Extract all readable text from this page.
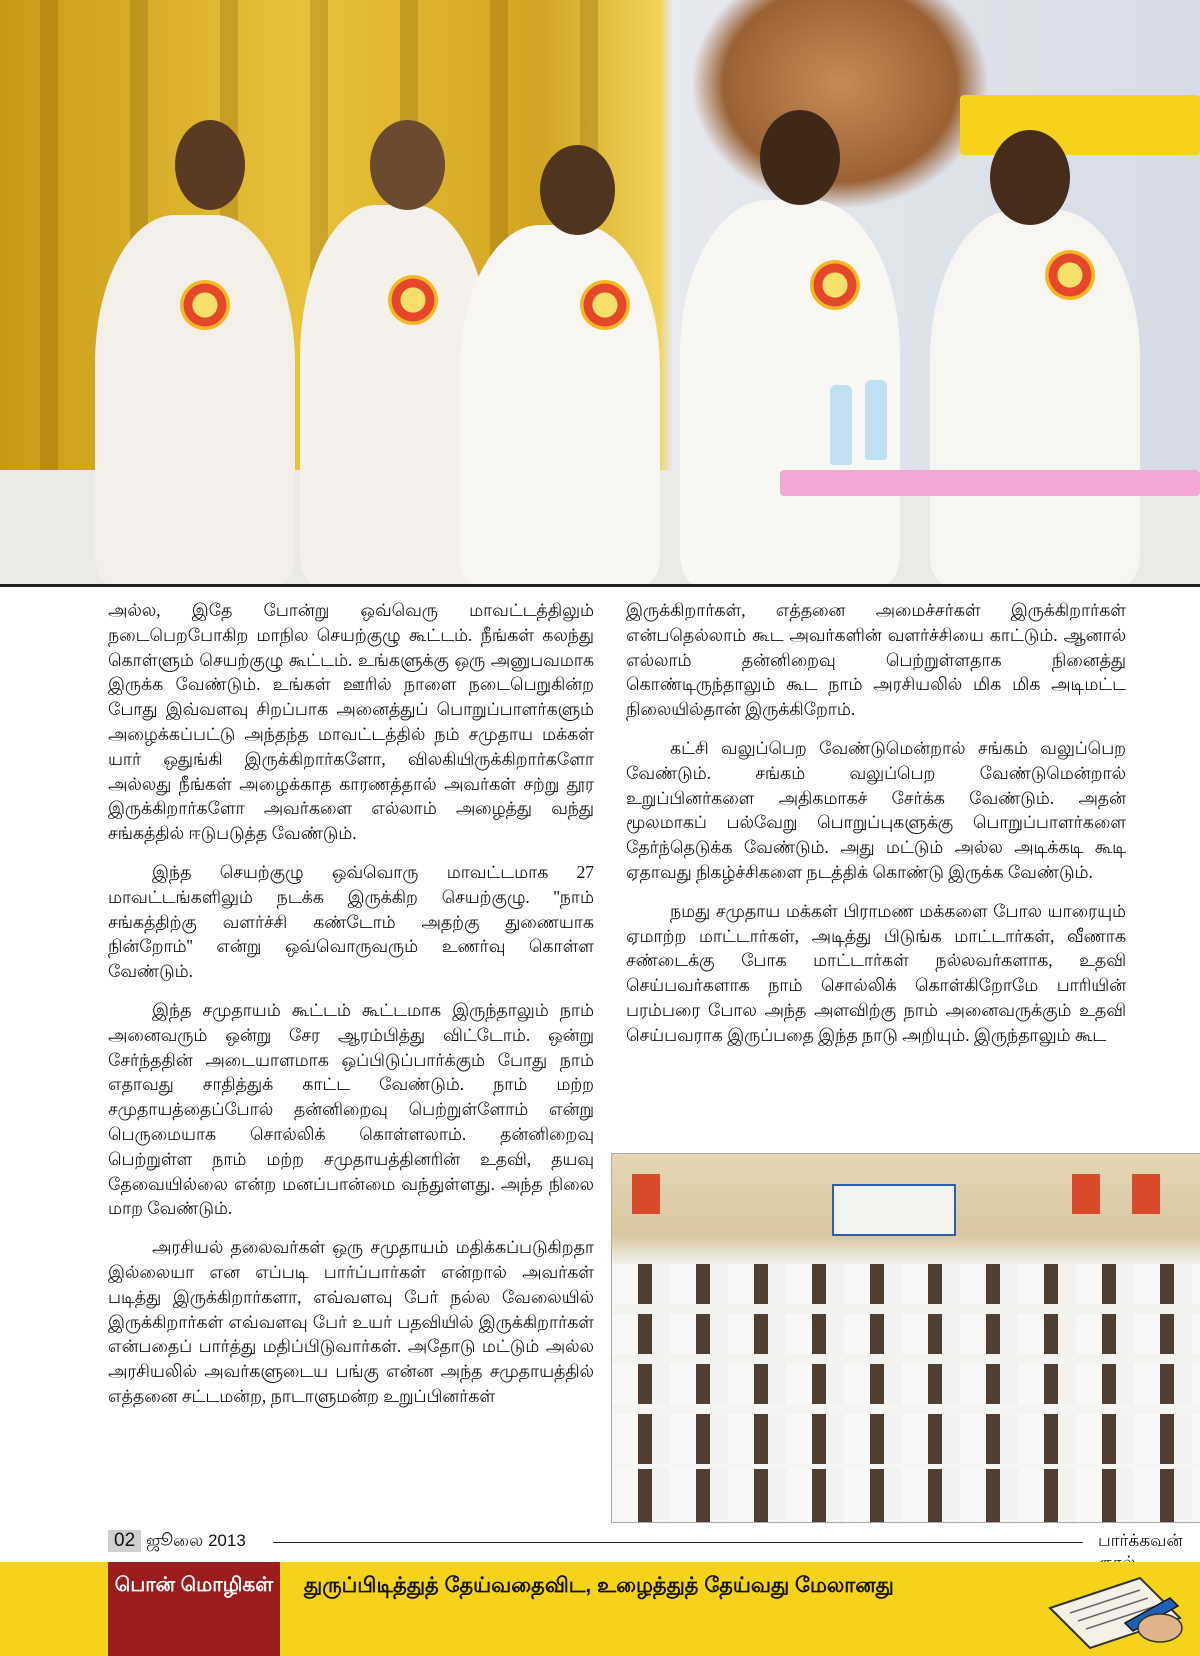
அல்ல, இதே போன்று ஒவ்வெரு மாவட்டத்திலும் நடைபெறபோகிற மாநில செயற்குழு கூட்டம். நீங்கள் கலந்து கொள்ளும் செயற்குழு கூட்டம். உங்களுக்கு ஒரு அனுபவமாக இருக்க வேண்டும். உங்கள் ஊரில் நாளை நடைபெறுகின்ற போது இவ்வளவு சிறப்பாக அனைத்துப் பொறுப்பாளர்களும் அழைக்கப்பட்டு அந்தந்த மாவட்டத்தில் நம் சமுதாய மக்கள் யார் ஒதுங்கி இருக்கிறார்களோ, விலகியிருக்கிறார்களோ அல்லது நீங்கள் அழைக்காத காரணத்தால் அவர்கள் சற்று தூர இருக்கிறார்களோ அவர்களை எல்லாம் அழைத்து வந்து சங்கத்தில் ஈடுபடுத்த வேண்டும்.

இந்த செயற்குழு ஒவ்வொரு மாவட்டமாக 27 மாவட்டங்களிலும் நடக்க இருக்கிற செயற்குழு. ''நாம் சங்கத்திற்கு வளர்ச்சி கண்டோம் அதற்கு துணையாக நின்றோம்'' என்று ஒவ்வொருவரும் உணர்வு கொள்ள வேண்டும்.

இந்த சமுதாயம் கூட்டம் கூட்டமாக இருந்தாலும் நாம் அனைவரும் ஒன்று சேர ஆரம்பித்து விட்டோம். ஒன்று சேர்ந்ததின் அடையாளமாக ஒப்பிடுப்பார்க்கும் போது நாம் எதாவது சாதித்துக் காட்ட வேண்டும். நாம் மற்ற சமுதாயத்தைப்போல் தன்னிறைவு பெற்றுள்ளோம் என்று பெருமையாக சொல்லிக் கொள்ளலாம். தன்னிறைவு பெற்றுள்ள நாம் மற்ற சமுதாயத்தினரின் உதவி, தயவு தேவையில்லை என்ற மனப்பான்மை வந்துள்ளது. அந்த நிலை மாற வேண்டும்.

அரசியல் தலைவர்கள் ஒரு சமுதாயம் மதிக்கப்படுகிறதா இல்லையா என எப்படி பார்ப்பார்கள் என்றால் அவர்கள் படித்து இருக்கிறார்களா, எவ்வளவு பேர் நல்ல வேலையில் இருக்கிறார்கள் எவ்வளவு பேர் உயர் பதவியில் இருக்கிறார்கள் என்பதைப் பார்த்து மதிப்பிடுவார்கள். அதோடு மட்டும் அல்ல அரசியலில் அவர்களுடைய பங்கு என்ன அந்த சமுதாயத்தில் எத்தனை சட்டமன்ற, நாடாளுமன்ற உறுப்பினர்கள்

இருக்கிறார்கள், எத்தனை அமைச்சர்கள் இருக்கிறார்கள் என்பதெல்லாம் கூட அவர்களின் வளர்ச்சியை காட்டும். ஆனால் எல்லாம் தன்னிறைவு பெற்றுள்ளதாக நினைத்து கொண்டிருந்தாலும் கூட நாம் அரசியலில் மிக மிக அடிமட்ட நிலையில்தான் இருக்கிறோம்.

கட்சி வலுப்பெற வேண்டுமென்றால் சங்கம் வலுப்பெற வேண்டும். சங்கம் வலுப்பெற வேண்டுமென்றால் உறுப்பினர்களை அதிகமாகச் சேர்க்க வேண்டும். அதன் மூலமாகப் பல்வேறு பொறுப்புகளுக்கு பொறுப்பாளர்களை தேர்ந்தெடுக்க வேண்டும். அது மட்டும் அல்ல அடிக்கடி கூடி ஏதாவது நிகழ்ச்சிகளை நடத்திக் கொண்டு இருக்க வேண்டும்.

நமது சமுதாய மக்கள் பிராமண மக்களை போல யாரையும் ஏமாற்ற மாட்டார்கள், அடித்து பிடுங்க மாட்டார்கள், வீணாக சண்டைக்கு போக மாட்டார்கள் நல்லவர்களாக, உதவி செய்பவர்களாக நாம் சொல்லிக் கொள்கிறோமே பாரியின் பரம்பரை போல அந்த அளவிற்கு நாம் அனைவருக்கும் உதவி செய்பவராக இருப்பதை இந்த நாடு அறியும். இருந்தாலும் கூட

02 ஜூலை 2013	பார்க்கவன்
பொன் மொழிகள்	துருப்பிடித்துத் தேய்வதைவிட, உழைத்துத் தேய்வது மேலானது
